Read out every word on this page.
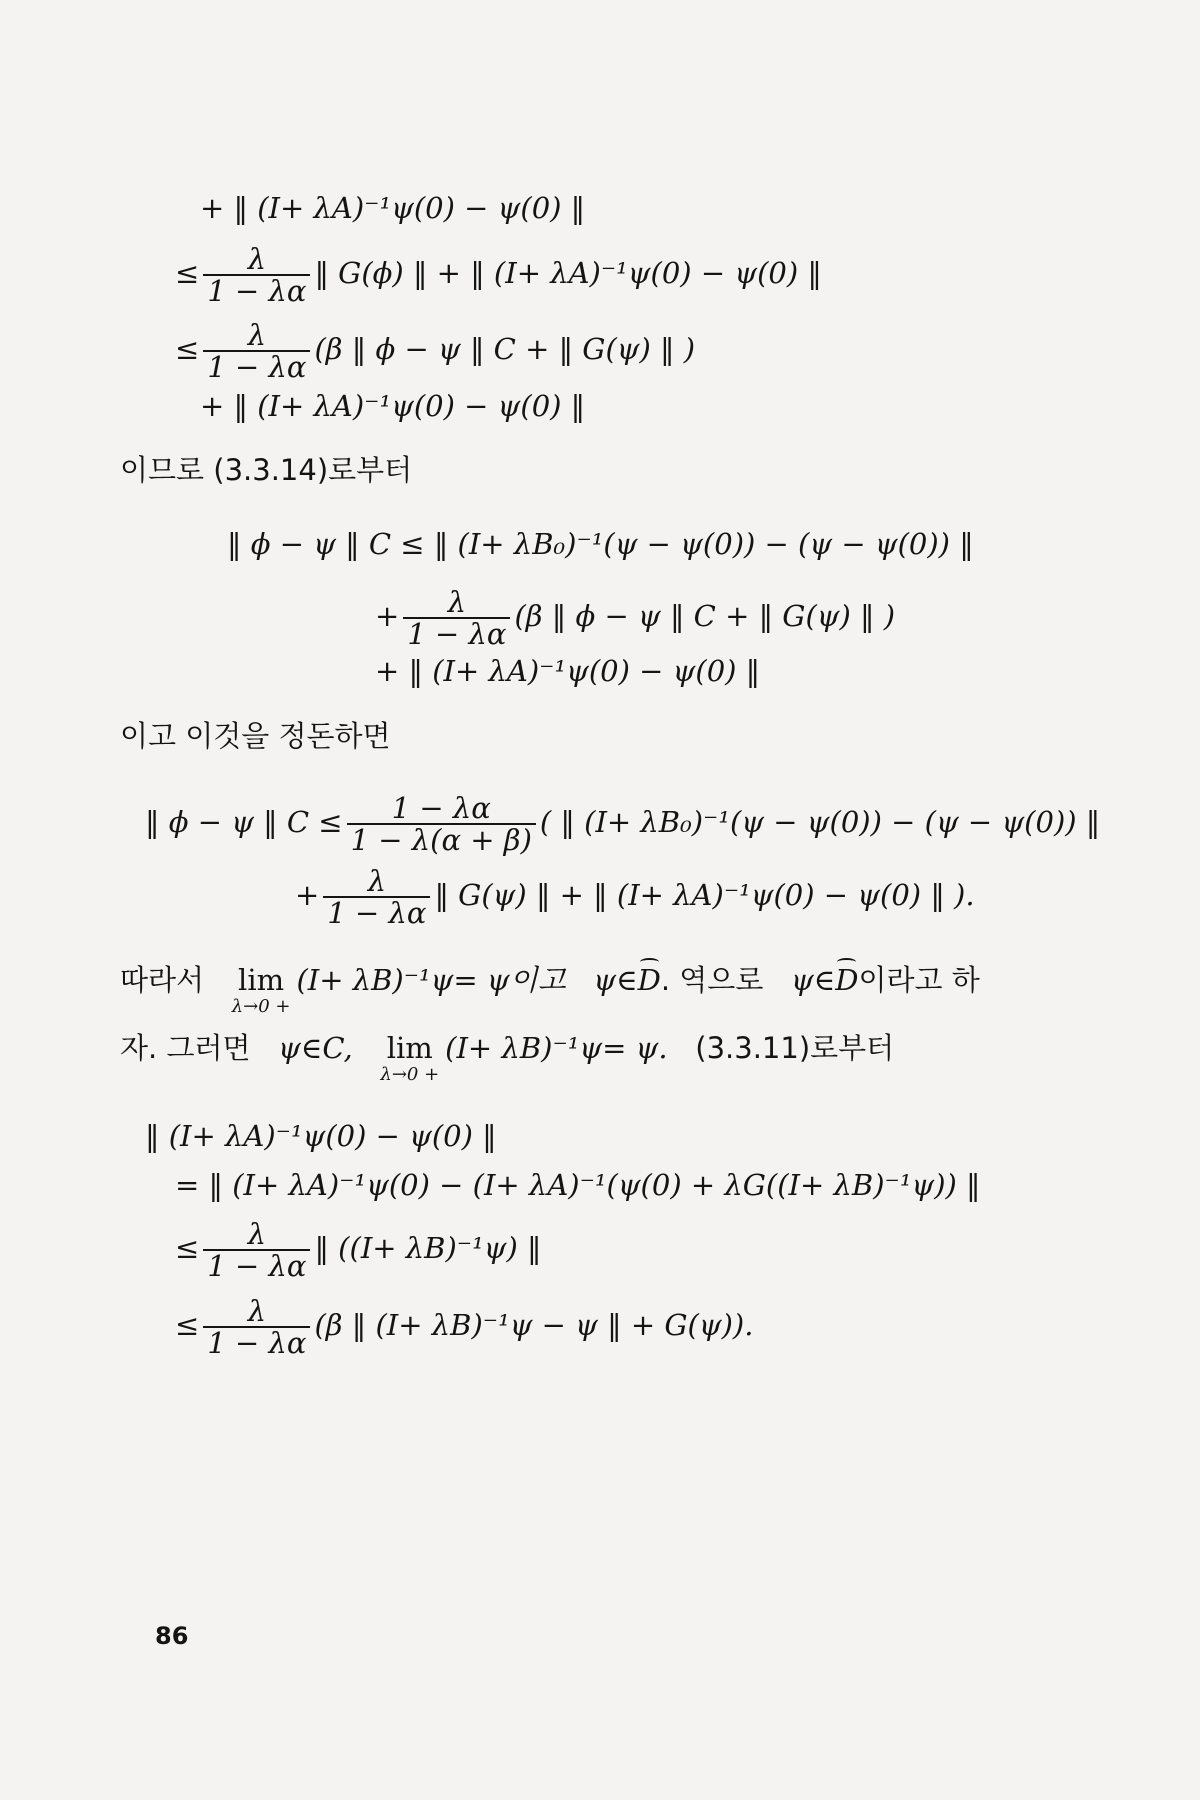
+ ‖ (I+ λA)⁻¹ψ(0) − ψ(0) ‖
≤ $\frac{\lambda}{1 - \lambda\alpha}$ ‖ G(ϕ) ‖ + ‖ (I+ λA)⁻¹ψ(0) − ψ(0) ‖
≤ $\frac{\lambda}{1 - \lambda\alpha} (\beta$ ‖ ϕ − ψ ‖ C + ‖ G(ψ) ‖ )
+ ‖ (I+ λA)⁻¹ψ(0) − ψ(0) ‖
이므로 (3.3.14)로부터
‖ ϕ − ψ ‖ C ≤ ‖ (I+ λB₀)⁻¹(ψ − ψ(0)) − (ψ − ψ(0)) ‖
+ $\frac{\lambda}{1 - \lambda\alpha} (\beta$ ‖ ϕ − ψ ‖ C + ‖ G(ψ) ‖ )
+ ‖ (I+ λA)⁻¹ψ(0) − ψ(0) ‖
이고 이것을 정돈하면
‖ ϕ − ψ ‖ $C \le \frac{1 - \lambda\alpha}{1 - \lambda(\alpha + \beta)}$ ( ‖ (I+ λB₀)⁻¹(ψ − ψ(0)) − (ψ − ψ(0)) ‖
+ $\frac{\lambda}{1 - \lambda\alpha}$ ‖ G(ψ) ‖ + ‖ (I+ λA)⁻¹ψ(0) − ψ(0) ‖ ).
따라서 lim
λ→0 +
(I+ λB)⁻¹ψ= ψ이고 ψ∈D. 역으로 ψ∈D이라고 하
자. 그러면 ψ∈C, lim
λ→0 +
(I+ λB)⁻¹ψ= ψ. (3.3.11)로부터
‖ (I+ λA)⁻¹ψ(0) − ψ(0) ‖
= ‖ (I+ λA)⁻¹ψ(0) − (I+ λA)⁻¹(ψ(0) + λG((I+ λB)⁻¹ψ)) ‖
≤ $\frac{\lambda}{1 - \lambda\alpha}$ ‖ ((I+ λB)⁻¹ψ) ‖
≤ $\frac{\lambda}{1 - \lambda\alpha} (\beta$ ‖ (I+ λB)⁻¹ψ − ψ ‖ + G(ψ)).
86
